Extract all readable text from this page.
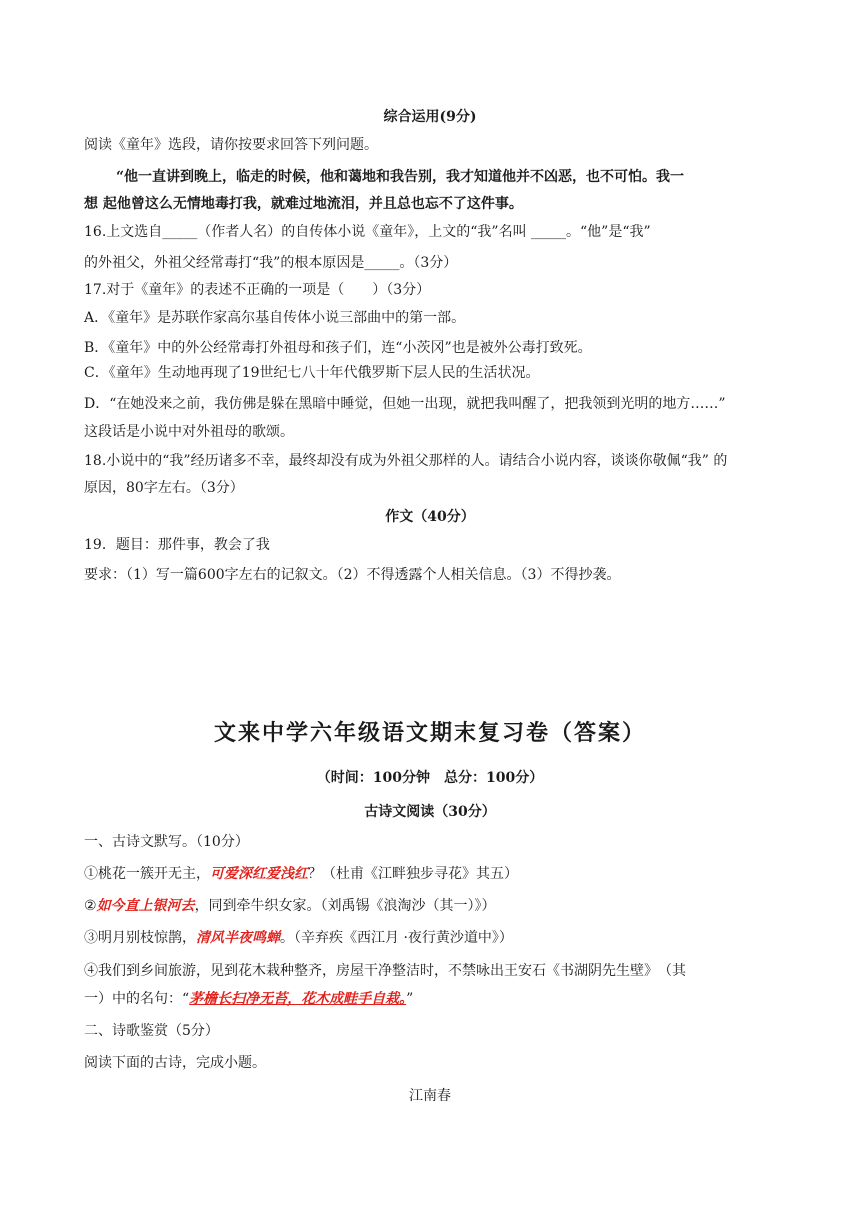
综合运用(9分)
阅读《童年》选段，请你按要求回答下列问题。
“他一直讲到晚上，临走的时候，他和蔼地和我告别，我才知道他并不凶恶，也不可怕。我一
想 起他曾这么无情地毒打我，就难过地流泪，并且总也忘不了这件事。
16.上文选自_____（作者人名）的自传体小说《童年》，上文的“我”名叫 _____。“他”是“我”
的外祖父，外祖父经常毒打“我”的根本原因是_____。（3分）
17.对于《童年》的表述不正确的一项是（　　）（3分）
A．《童年》是苏联作家高尔基自传体小说三部曲中的第一部。
B．《童年》中的外公经常毒打外祖母和孩子们，连“小茨冈”也是被外公毒打致死。
C．《童年》生动地再现了19世纪七八十年代俄罗斯下层人民的生活状况。
D．“在她没来之前，我仿佛是躲在黑暗中睡觉，但她一出现，就把我叫醒了，把我领到光明的地方……”
这段话是小说中对外祖母的歌颂。
18.小说中的“我”经历诸多不幸，最终却没有成为外祖父那样的人。请结合小说内容，谈谈你敬佩“我” 的
原因，80字左右。（3分）
作文（40分）
19．题目：那件事，教会了我
要求：（1）写一篇600字左右的记叙文。（2）不得透露个人相关信息。（3）不得抄袭。
文来中学六年级语文期末复习卷（答案）
（时间：100分钟　总分：100分）
古诗文阅读（30分）
一、古诗文默写。（10分）
①桃花一簇开无主，可爱深红爱浅红？（杜甫《江畔独步寻花》其五）
②如今直上银河去，同到牵牛织女家。（刘禹锡《浪淘沙（其一）》）
③明月别枝惊鹊，清风半夜鸣蝉。（辛弃疾《西江月 ·夜行黄沙道中》）
④我们到乡间旅游，见到花木栽种整齐，房屋干净整洁时，不禁咏出王安石《书湖阴先生壁》　（其
一）中的名句：“茅檐长扫净无苔，花木成畦手自栽。”
二、诗歌鉴赏（5分）
阅读下面的古诗，完成小题。
江南春
